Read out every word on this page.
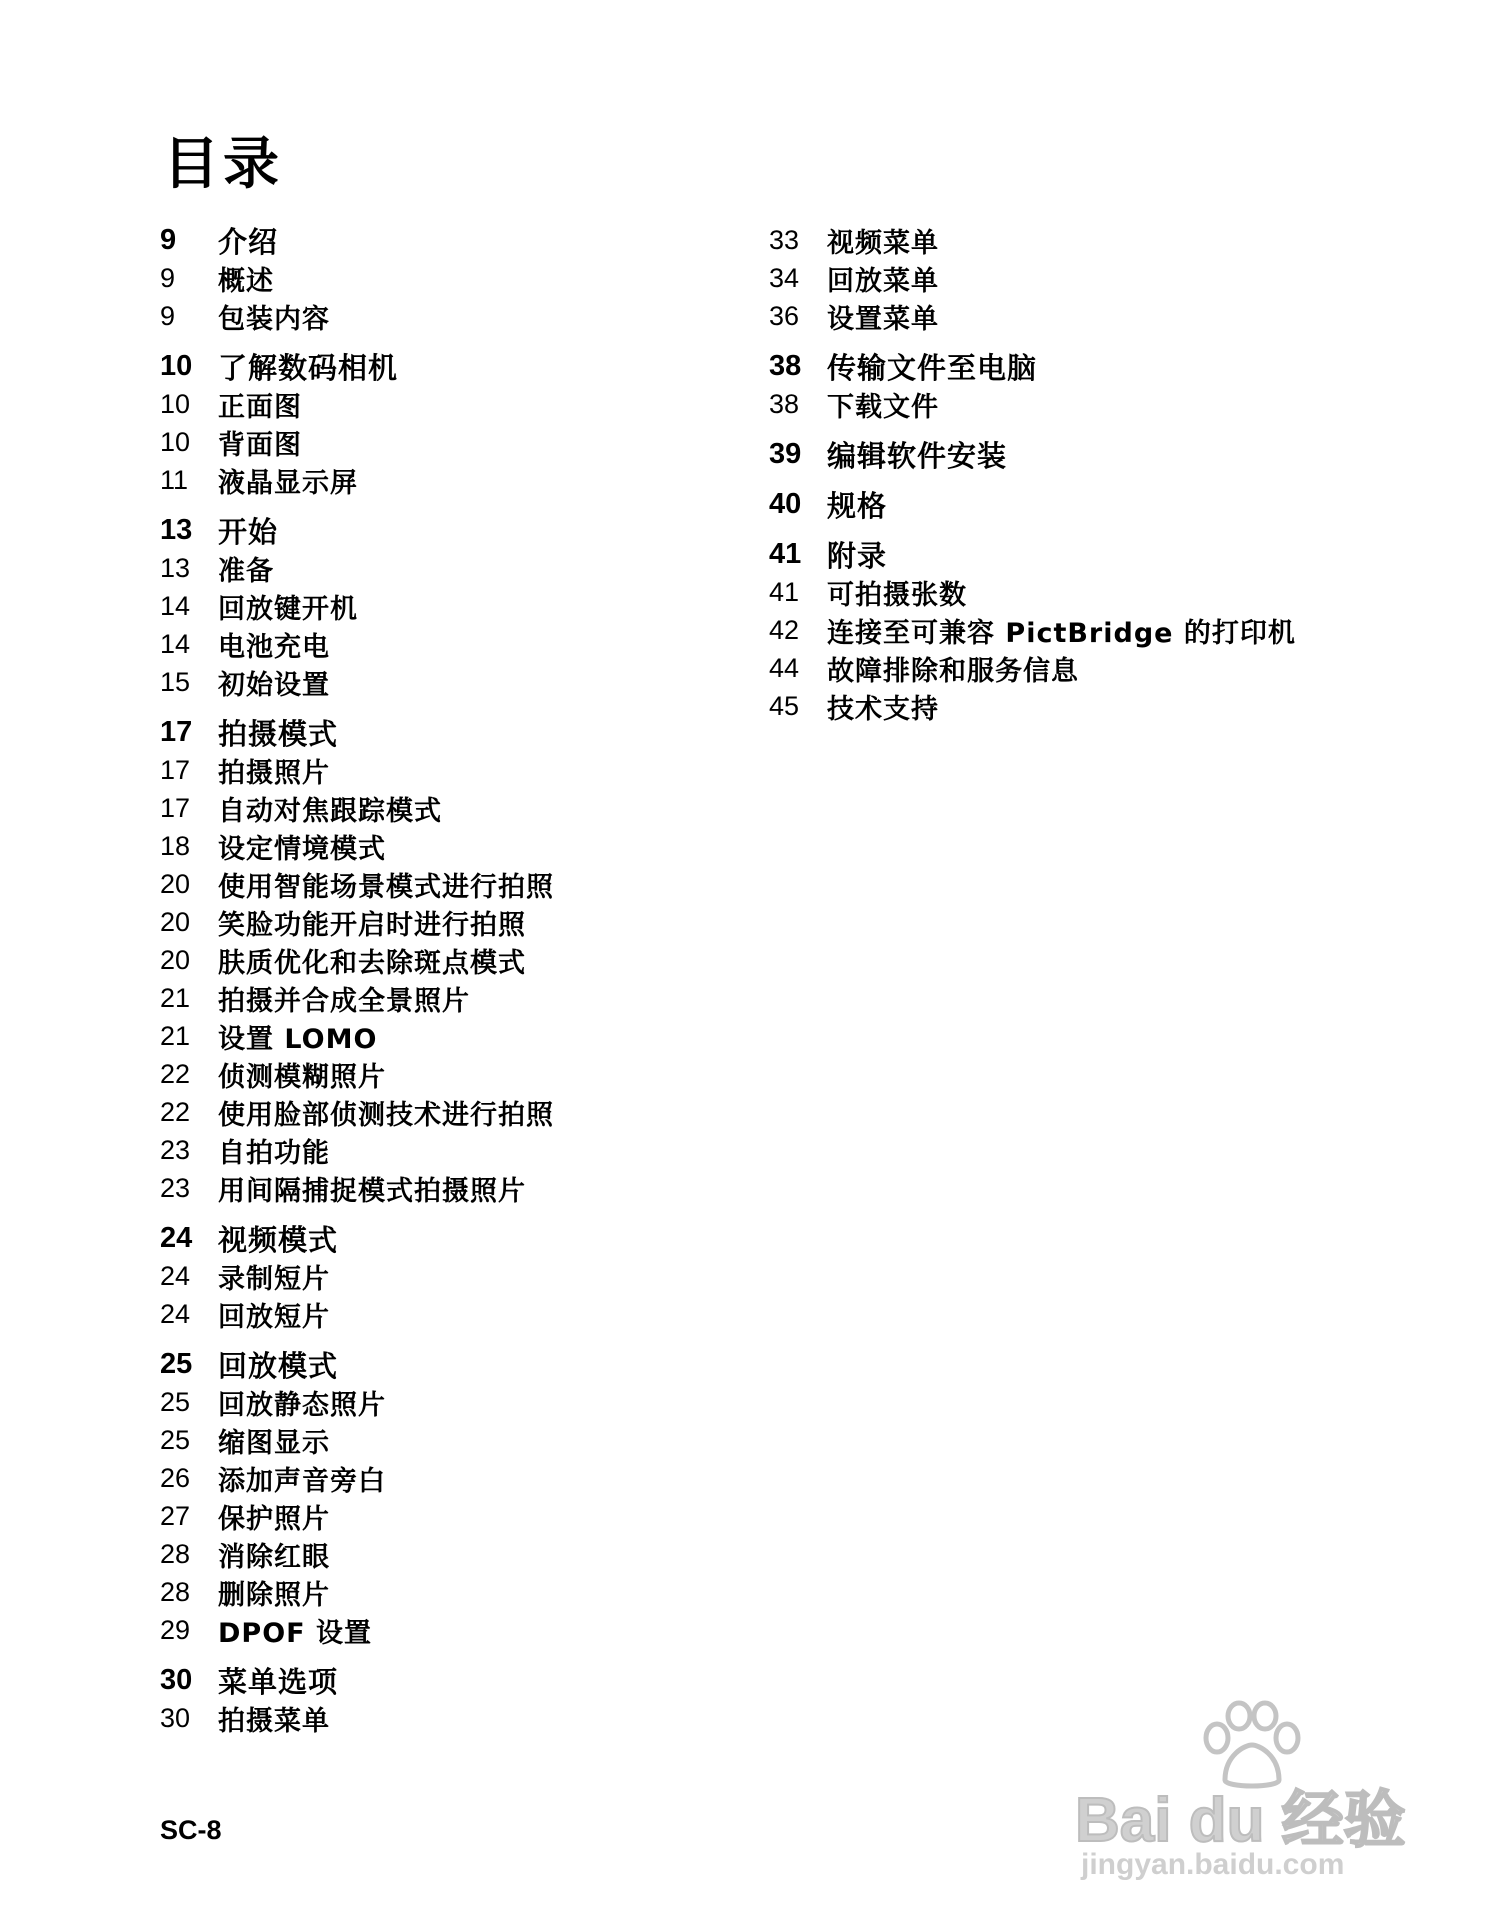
目录
9	介绍
9	概述
9	包装内容
10 了解数码相机
10	正面图
10	背面图
11	液晶显示屏
13 开始
13	准备
14	回放键开机
14	电池充电
15	初始设置
17 拍摄模式
17	拍摄照片
17	自动对焦跟踪模式
18	设定情境模式
20	使用智能场景模式进行拍照
20	笑脸功能开启时进行拍照
20	肤质优化和去除斑点模式
21	拍摄并合成全景照片
21	设置 LOMO
22	侦测模糊照片
22	使用脸部侦测技术进行拍照
23	自拍功能
23	用间隔捕捉模式拍摄照片
24 视频模式
24	录制短片
24	回放短片
25 回放模式
25	回放静态照片
25	缩图显示
26	添加声音旁白
27	保护照片
28	消除红眼
28	删除照片
29	DPOF 设置
30 菜单选项
30	拍摄菜单
33	视频菜单
34	回放菜单
36	设置菜单
38 传输文件至电脑
38	下载文件
39 编辑软件安装
40 规格
41 附录
41	可拍摄张数
42	连接至可兼容 PictBridge 的打印机
44	故障排除和服务信息
45	技术支持
SC-8	Bai du 经验
jingyan.baidu.com
